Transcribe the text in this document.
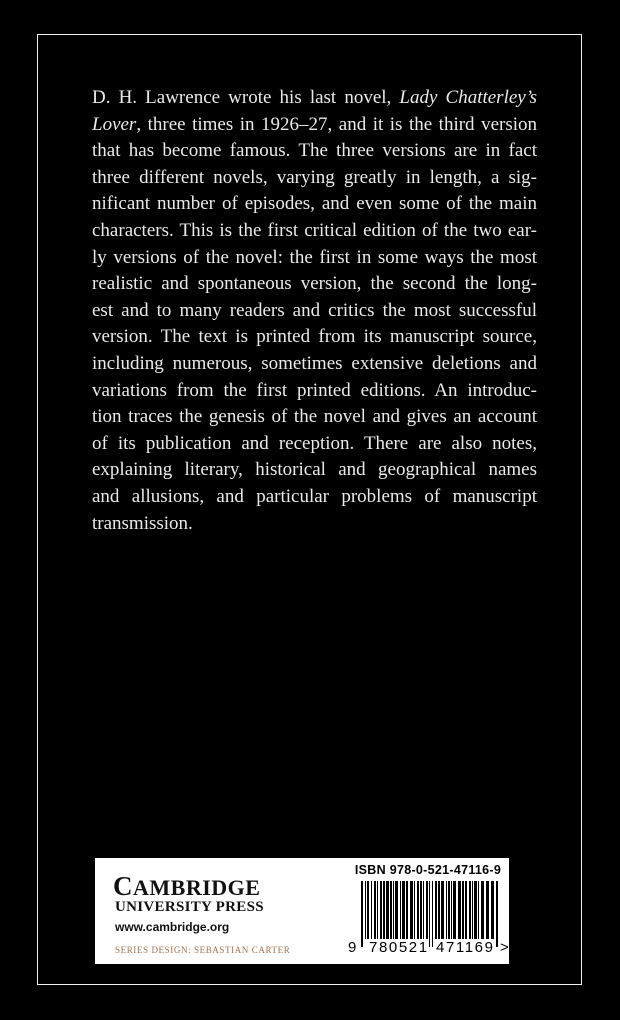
D. H. Lawrence wrote his last novel, Lady Chatterley’s
Lover, three times in 1926–27, and it is the third version
that has become famous. The three versions are in fact
three different novels, varying greatly in length, a sig-
nificant number of episodes, and even some of the main
characters. This is the first critical edition of the two ear-
ly versions of the novel: the first in some ways the most
realistic and spontaneous version, the second the long-
est and to many readers and critics the most successful
version. The text is printed from its manuscript source,
including numerous, sometimes extensive deletions and
variations from the first printed editions. An introduc-
tion traces the genesis of the novel and gives an account
of its publication and reception. There are also notes,
explaining literary, historical and geographical names
and allusions, and particular problems of manuscript
transmission.
CAMBRIDGE
UNIVERSITY PRESS
www.cambridge.org
SERIES DESIGN: SEBASTIAN CARTER
ISBN 978-0-521-47116-9
9 780521 471169 >
